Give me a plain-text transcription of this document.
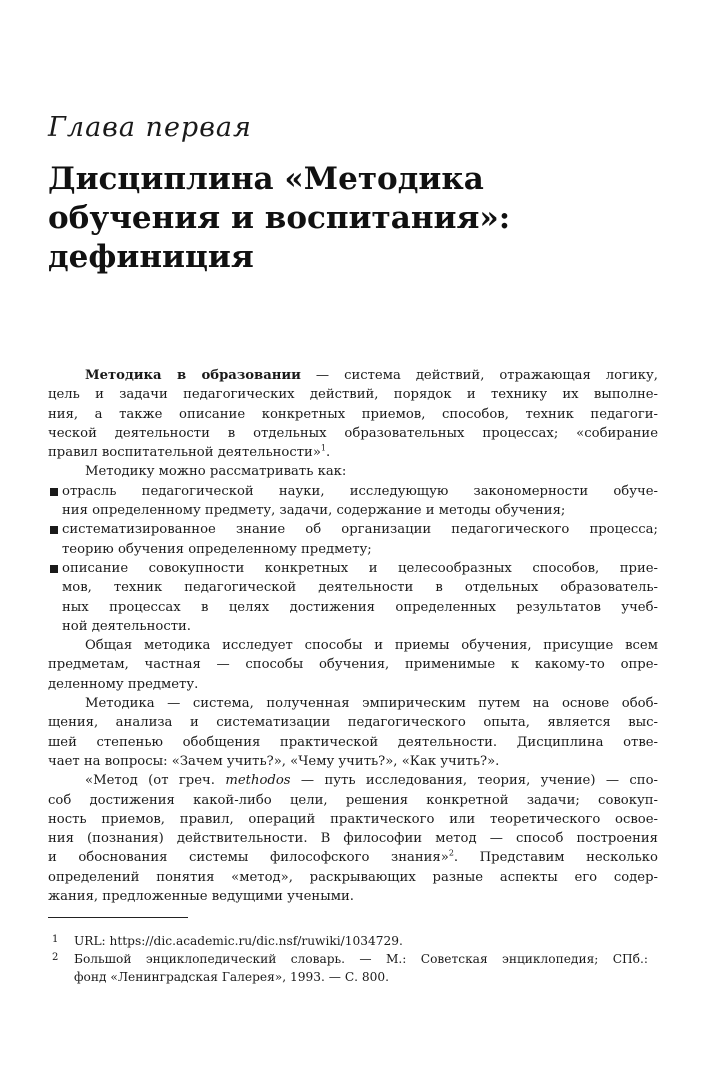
Глава первая
Дисциплина «Методика
обучения и воспитания»:
дефиниция
Методика в образовании — система действий, отражающая логику,
цель и задачи педагогических действий, порядок и технику их выполне-
ния, а также описание конкретных приемов, способов, техник педагоги-
ческой деятельности в отдельных образовательных процессах; «собирание
правил воспитательной деятельности»$^1$.
Методику можно рассматривать как:
отрасль педагогической науки, исследующую закономерности обуче-
ния определенному предмету, задачи, содержание и методы обучения;
систематизированное знание об организации педагогического процесса;
теорию обучения определенному предмету;
описание совокупности конкретных и целесообразных способов, прие-
мов, техник педагогической деятельности в отдельных образователь-
ных процессах в целях достижения определенных результатов учеб-
ной деятельности.
Общая методика исследует способы и приемы обучения, присущие всем
предметам, частная — способы обучения, применимые к какому-то опре-
деленному предмету.
Методика — система, полученная эмпирическим путем на основе обоб-
щения, анализа и систематизации педагогического опыта, является выс-
шей степенью обобщения практической деятельности. Дисциплина отве-
чает на вопросы: «Зачем учить?», «Чему учить?», «Как учить?».
«Метод (от греч. methodos — путь исследования, теория, учение) — спо-
соб достижения какой-либо цели, решения конкретной задачи; совокуп-
ность приемов, правил, операций практического или теоретического освое-
ния (познания) действительности. В философии метод — способ построения
и обоснования системы философского знания»$^2$. Представим несколько
определений понятия «метод», раскрывающих разные аспекты его содер-
жания, предложенные ведущими учеными.
1 URL: https://dic.academic.ru/dic.nsf/ruwiki/1034729.
2 Большой энциклопедический словарь. — М.: Советская энциклопедия; СПб.:
фонд «Ленинградская Галерея», 1993. — С. 800.
